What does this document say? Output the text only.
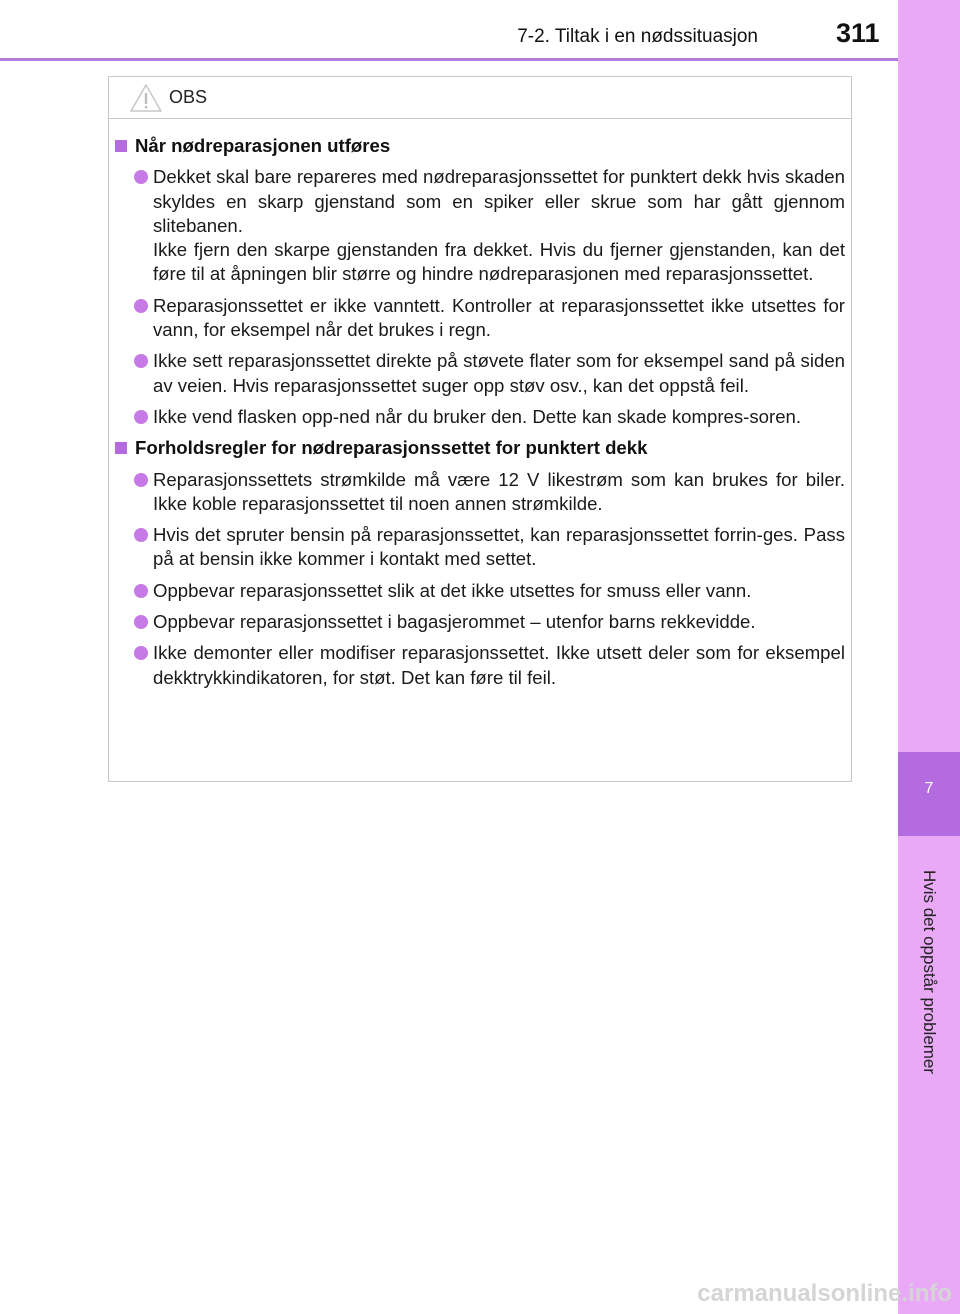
7-2. Tiltak i en nødssituasjon	311
7
Hvis det oppstår problemer
OBS
Når nødreparasjonen utføres
Dekket skal bare repareres med nødreparasjonssettet for punktert dekk hvis skaden skyldes en skarp gjenstand som en spiker eller skrue som har gått gjennom slitebanen.
Ikke fjern den skarpe gjenstanden fra dekket. Hvis du fjerner gjenstanden, kan det føre til at åpningen blir større og hindre nødreparasjonen med reparasjonssettet.
Reparasjonssettet er ikke vanntett. Kontroller at reparasjonssettet ikke utsettes for vann, for eksempel når det brukes i regn.
Ikke sett reparasjonssettet direkte på støvete flater som for eksempel sand på siden av veien. Hvis reparasjonssettet suger opp støv osv., kan det oppstå feil.
Ikke vend flasken opp-ned når du bruker den. Dette kan skade kompres-soren.
Forholdsregler for nødreparasjonssettet for punktert dekk
Reparasjonssettets strømkilde må være 12 V likestrøm som kan brukes for biler. Ikke koble reparasjonssettet til noen annen strømkilde.
Hvis det spruter bensin på reparasjonssettet, kan reparasjonssettet forrin-ges. Pass på at bensin ikke kommer i kontakt med settet.
Oppbevar reparasjonssettet slik at det ikke utsettes for smuss eller vann.
Oppbevar reparasjonssettet i bagasjerommet – utenfor barns rekkevidde.
Ikke demonter eller modifiser reparasjonssettet. Ikke utsett deler som for eksempel dekktrykkindikatoren, for støt. Det kan føre til feil.
carmanualsonline.info
